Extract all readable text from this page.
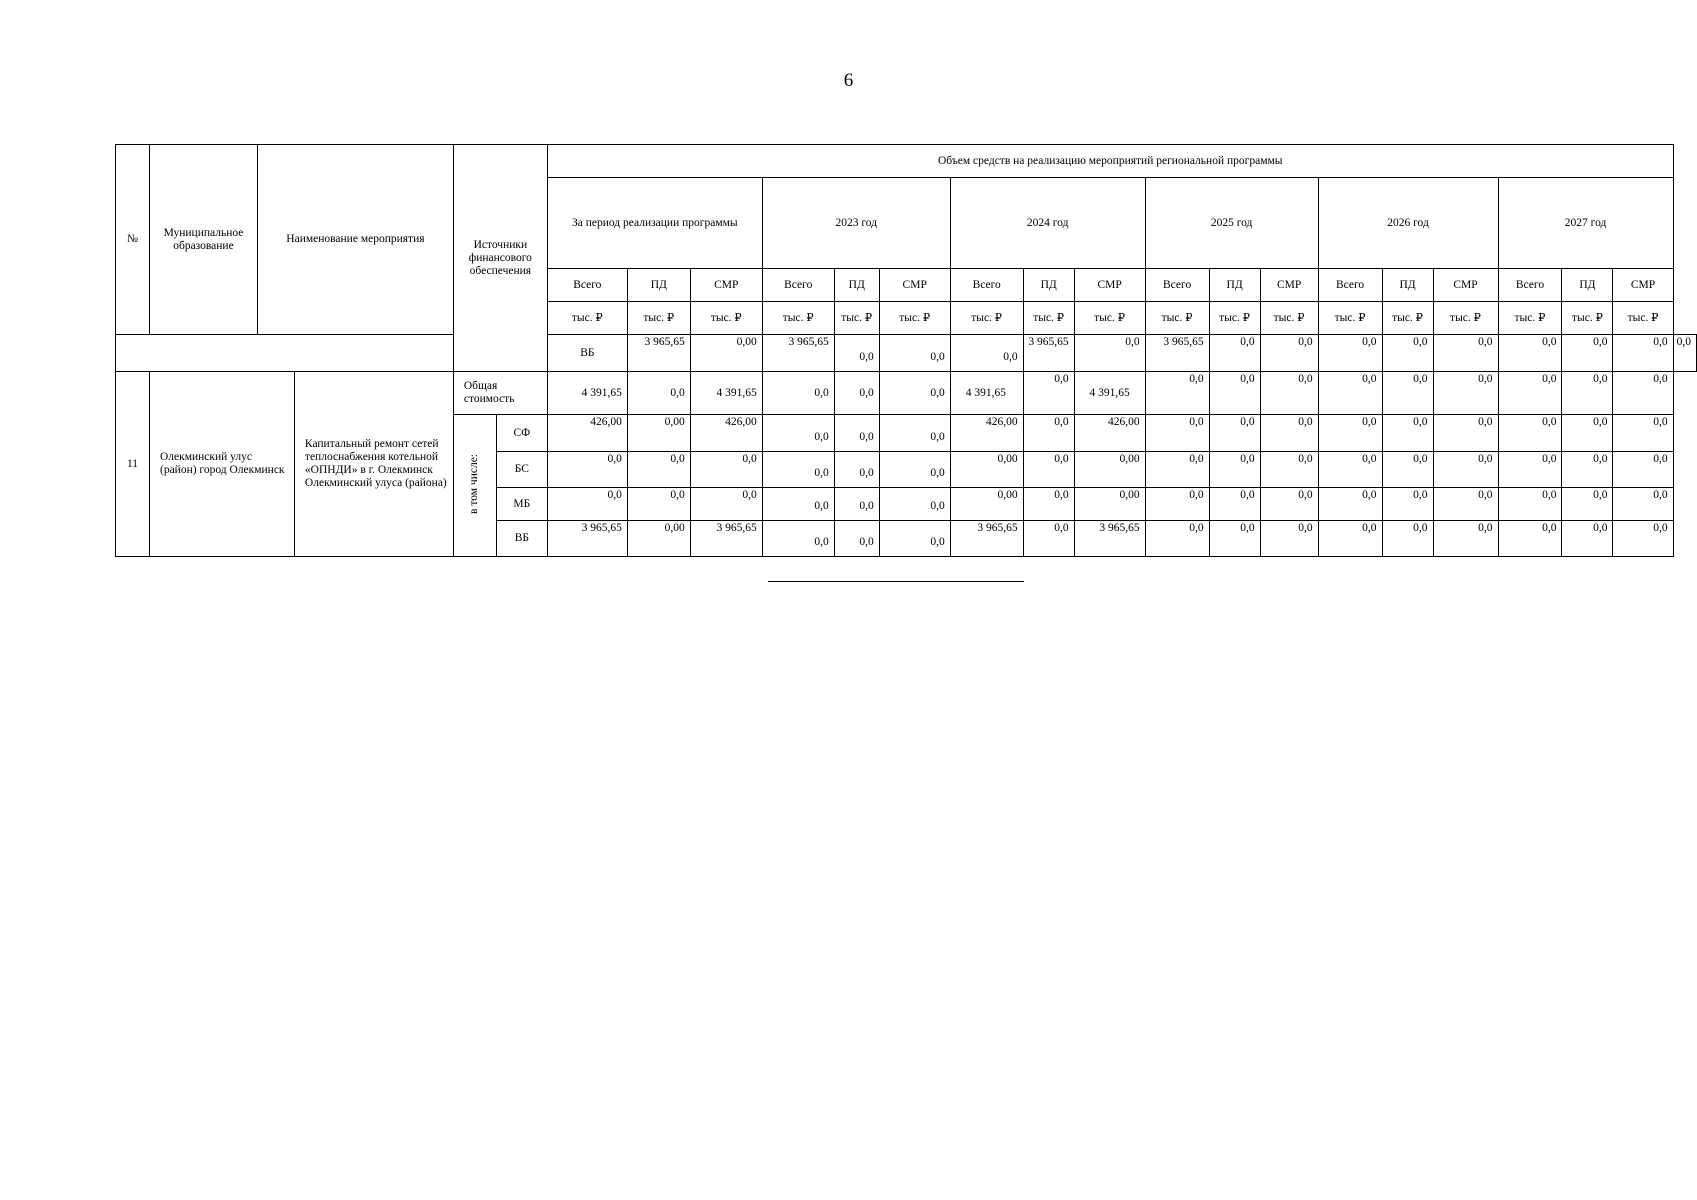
6
№	Муниципальное образование	Наименование мероприятия		Источники финансового обеспечения		Объем средств на реализацию мероприятий региональной программы																		
						За период реализации программы			2023 год			2024 год			2025 год			2026 год			2027 год			
						Всего	ПД	СМР	Всего	ПД	СМР	Всего	ПД	СМР	Всего	ПД	СМР	Всего	ПД	СМР	Всего	ПД	СМР	
						тыс. ₽	тыс. ₽	тыс. ₽	тыс. ₽	тыс. ₽	тыс. ₽	тыс. ₽	тыс. ₽	тыс. ₽	тыс. ₽	тыс. ₽	тыс. ₽	тыс. ₽	тыс. ₽	тыс. ₽	тыс. ₽	тыс. ₽	тыс. ₽	
						ВБ	3 965,65	0,00	3 965,65	0,0	0,0	0,0	3 965,65	0,0	3 965,65	0,0	0,0	0,0	0,0	0,0	0,0	0,0	0,0	0,0
11	Олекминский улус (район) город Олекминск		Капитальный ремонт сетей теплоснабжения котельной «ОПНДИ» в г. Олекминск Олекминский улуса (района)	Общая стоимость		4 391,65	0,0	4 391,65	0,0	0,0	0,0	4 391,65	0,0	4 391,65	0,0	0,0	0,0	0,0	0,0	0,0	0,0	0,0	0,0	
				в том числе:	СФ	426,00	0,00	426,00	0,0	0,0	0,0	426,00	0,0	426,00	0,0	0,0	0,0	0,0	0,0	0,0	0,0	0,0	0,0	
					БС	0,0	0,0	0,0	0,0	0,0	0,0	0,00	0,0	0,00	0,0	0,0	0,0	0,0	0,0	0,0	0,0	0,0	0,0	
					МБ	0,0	0,0	0,0	0,0	0,0	0,0	0,00	0,0	0,00	0,0	0,0	0,0	0,0	0,0	0,0	0,0	0,0	0,0	
					ВБ	3 965,65	0,00	3 965,65	0,0	0,0	0,0	3 965,65	0,0	3 965,65	0,0	0,0	0,0	0,0	0,0	0,0	0,0	0,0	0,0	
